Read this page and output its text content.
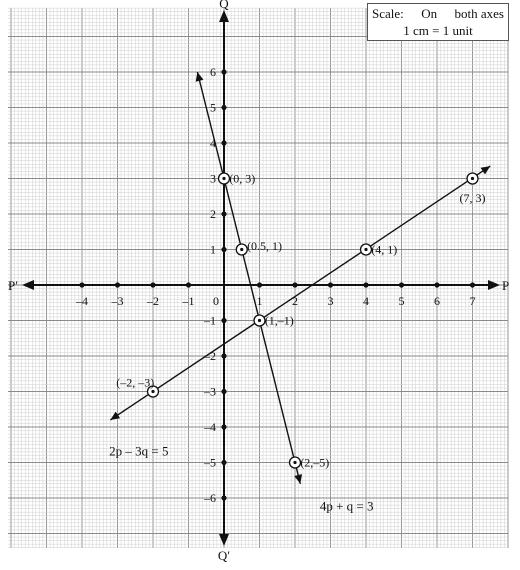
P
P′
Q
Q′
–4 –3 –2 –1 0	1 2 3 4 5 6 7
6
5
4
3
2
1
–1
–2
–3
–4
–5
–6
2p – 3q = 5
4p + q = 3
(0, 3)
(0.5, 1)
(1,–1)
(2,–5)
(4, 1)
(7, 3)
(–2, –3)
Scale: On both axes
1 cm = 1 unit
